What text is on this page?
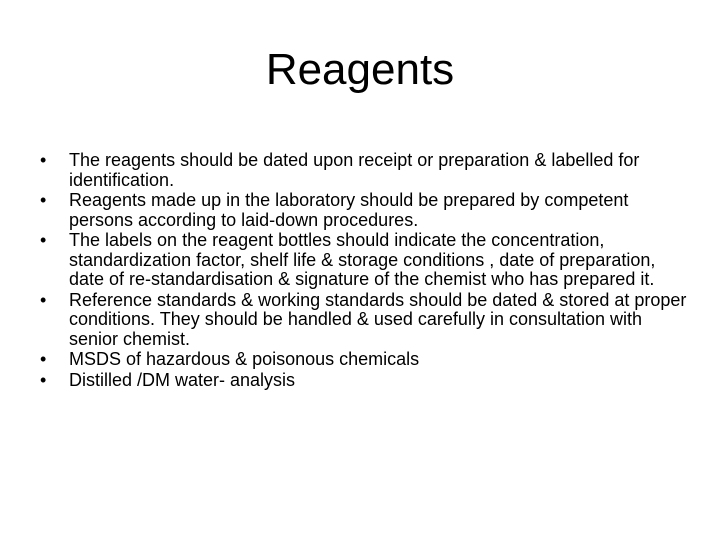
Reagents
•	The reagents should be dated upon receipt or preparation & labelled for identification.
•	Reagents made up in the laboratory should be prepared by competent persons according to laid-down procedures.
•	The labels on the reagent bottles should indicate the concentration, standardization factor, shelf life & storage conditions , date of preparation, date of re-standardisation & signature of the chemist who has prepared it.
•	Reference standards & working standards should be dated & stored at proper conditions. They should be handled & used carefully in consultation with senior chemist.
•	MSDS of hazardous & poisonous chemicals
•	Distilled /DM water- analysis
